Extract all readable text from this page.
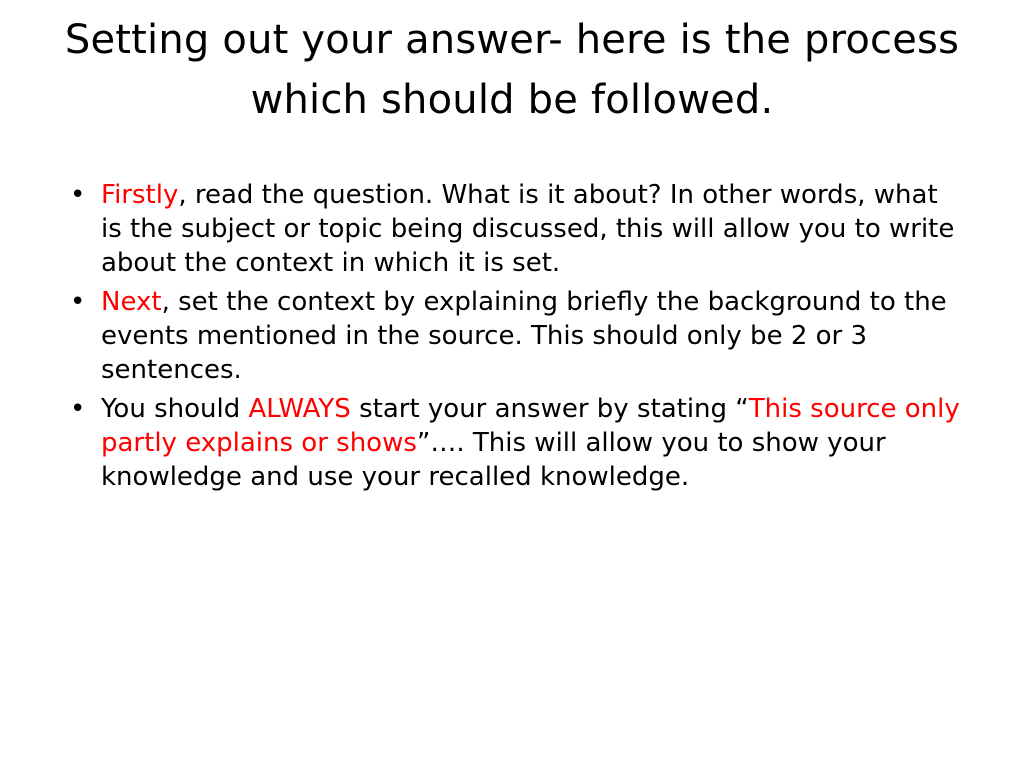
Setting out your answer- here is the process which should be followed.
• Firstly, read the question. What is it about? In other words, what is the subject or topic being discussed, this will allow you to write about the context in which it is set.
• Next, set the context by explaining briefly the background to the events mentioned in the source. This should only be 2 or 3 sentences.
• You should ALWAYS start your answer by stating “This source only partly explains or shows”…. This will allow you to show your knowledge and use your recalled knowledge.
